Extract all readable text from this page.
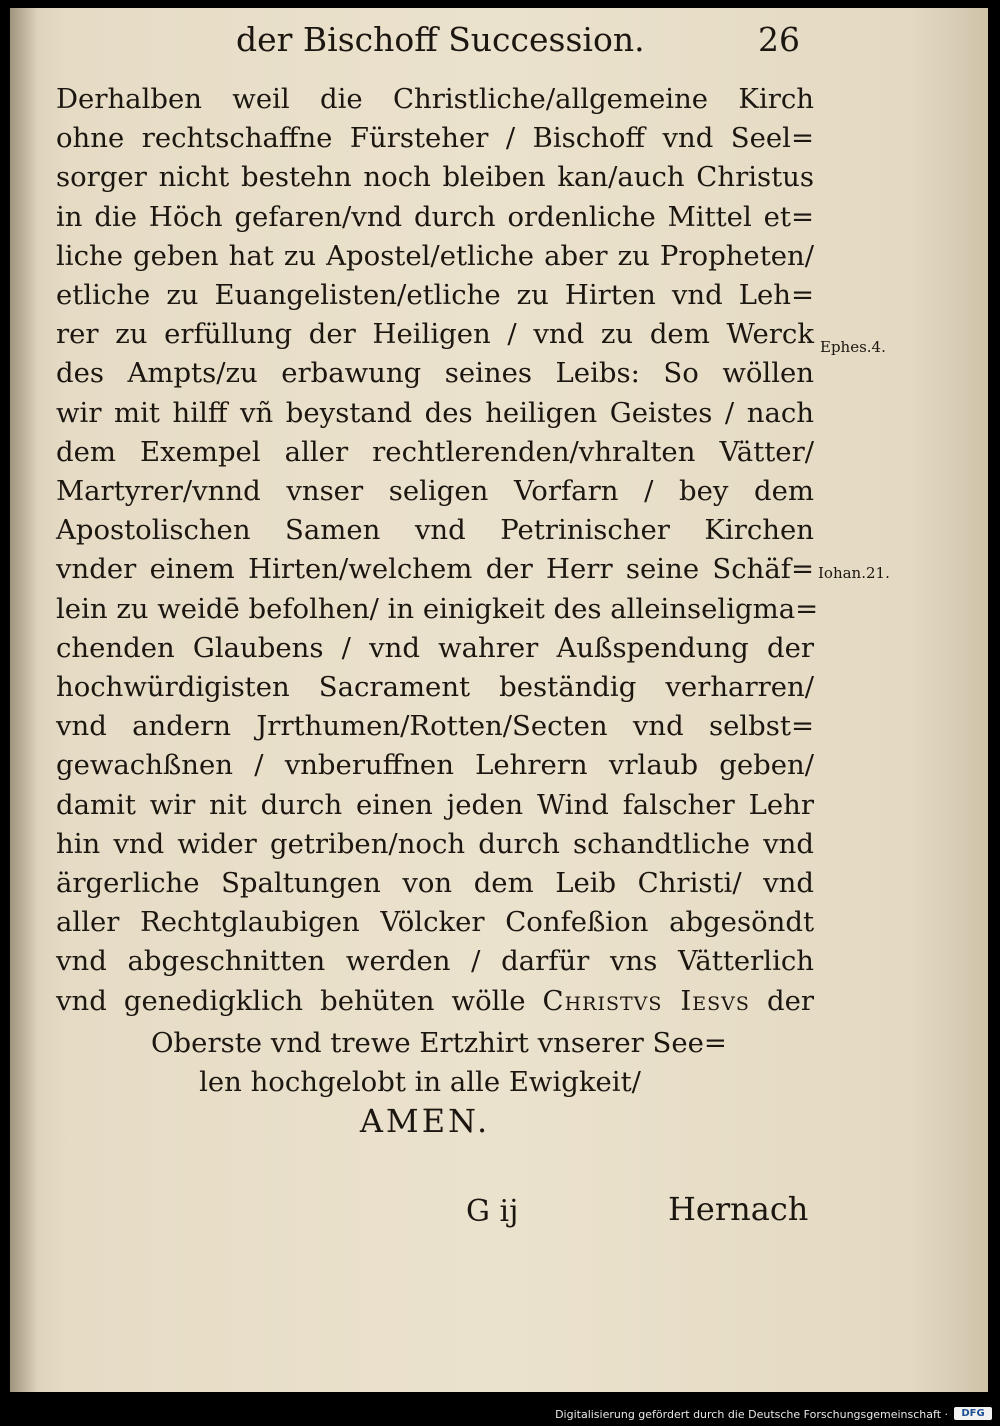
der Bischoff Succession.	26
Derhalben weil die Christliche/allgemeine Kirch
ohne rechtschaffne Fürsteher / Bischoff vnd Seel=
sorger nicht bestehn noch bleiben kan/auch Christus
in die Höch gefaren/vnd durch ordenliche Mittel et=
liche geben hat zu Apostel/etliche aber zu Propheten/
etliche zu Euangelisten/etliche zu Hirten vnd Leh=
rer zu erfüllung der Heiligen / vnd zu dem Werck
des Ampts/zu erbawung seines Leibs: So wöllen
wir mit hilff vñ beystand des heiligen Geistes / nach
dem Exempel aller rechtlerenden/vhralten Vätter/
Martyrer/vnnd vnser seligen Vorfarn / bey dem
Apostolischen Samen vnd Petrinischer Kirchen
vnder einem Hirten/welchem der Herr seine Schäf=
lein zu weidē befolhen/ in einigkeit des alleinseligma=
chenden Glaubens / vnd wahrer Außspendung der
hochwürdigisten Sacrament beständig verharren/
vnd andern Jrrthumen/Rotten/Secten vnd selbst=
gewachßnen / vnberuffnen Lehrern vrlaub geben/
damit wir nit durch einen jeden Wind falscher Lehr
hin vnd wider getriben/noch durch schandtliche vnd
ärgerliche Spaltungen von dem Leib Christi/ vnd
aller Rechtglaubigen Völcker Confeßion abgesöndt
vnd abgeschnitten werden / darfür vns Vätterlich
vnd genedigklich behüten wölle Christvs Iesvs der
Oberste vnd trewe Ertzhirt vnserer See=
len hochgelobt in alle Ewigkeit/
AMEN.
Ephes.4.
Iohan.21.
G ij	Hernach
Digitalisierung gefördert durch die Deutsche Forschungsgemeinschaft ·	DFG
